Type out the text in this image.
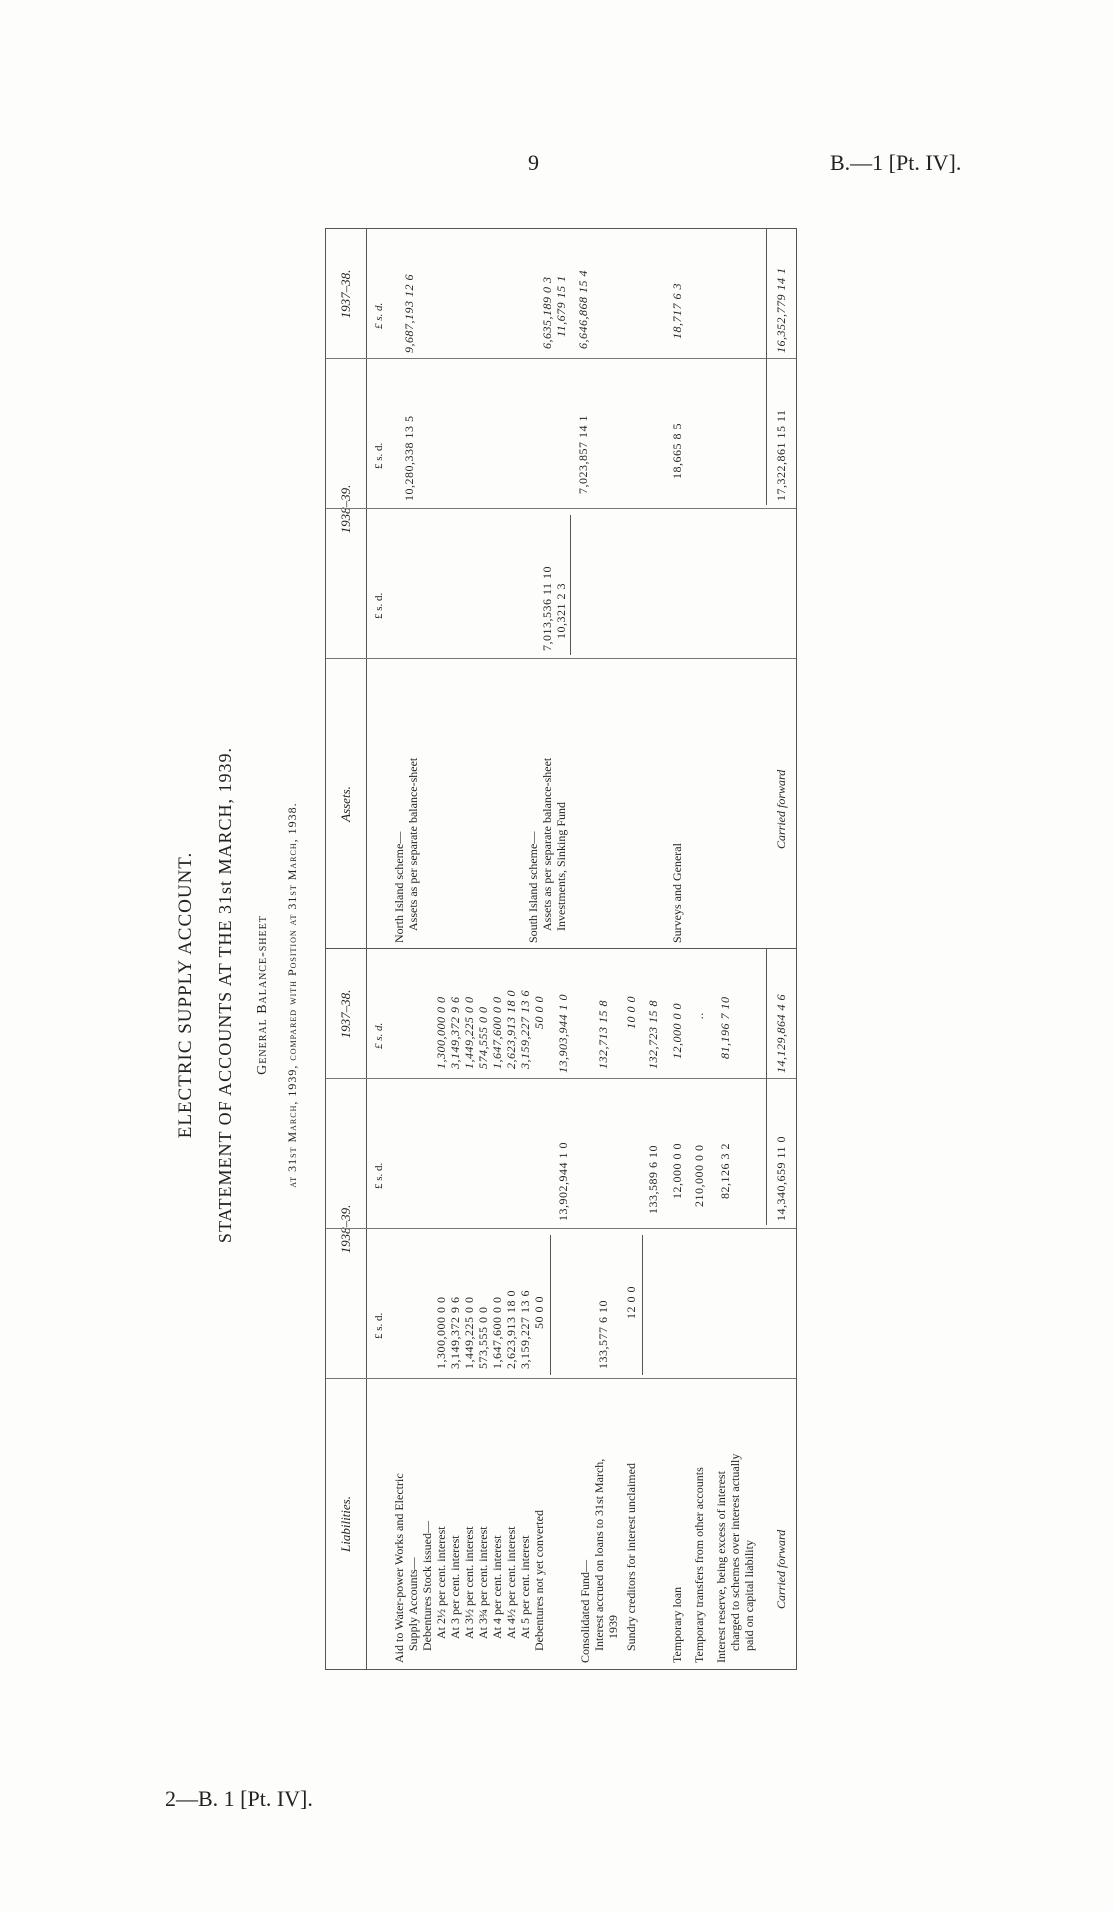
9	B.—1 [Pt. IV].
2—B. 1 [Pt. IV].
ELECTRIC SUPPLY ACCOUNT. STATEMENT OF ACCOUNTS AT THE 31st MARCH, 1939. General Balance-sheet at 31st March, 1939, compared with Position at 31st March, 1938.
Liabilities.
1938–39.
1937–38.
£ s. d.
£ s. d.
£ s. d.
Aid to Water-power Works and Electric Supply Accounts— Debentures Stock issued— At 2½ per cent. interest
1,300,000 0 0
1,300,000 0 0
At 3 per cent. interest
3,149,372 9 6
3,149,372 9 6
At 3½ per cent. interest
1,449,225 0 0
1,449,225 0 0
At 3¾ per cent. interest
573,555 0 0
574,555 0 0
At 4 per cent. interest
1,647,600 0 0
1,647,600 0 0
At 4½ per cent. interest
2,623,913 18 0
2,623,913 18 0
At 5 per cent. interest
3,159,227 13 6
3,159,227 13 6
Debentures not yet converted
50 0 0
50 0 0
13,902,944 1 0
13,903,944 1 0
Consolidated Fund— Interest accrued on loans to 31st March, 1939
133,577 6 10
132,713 15 8
Sundry creditors for interest unclaimed
12 0 0
10 0 0
133,589 6 10
132,723 15 8
Temporary loan
12,000 0 0
12,000 0 0
Temporary transfers from other accounts
210,000 0 0
..
Interest reserve, being excess of interest charged to schemes over interest actually paid on capital liability
82,126 3 2
81,196 7 10
Carried forward
14,340,659 11 0
14,129,864 4 6
Assets.
1938–39.
1937–38.
£ s. d.
£ s. d.
£ s. d.
North Island scheme— Assets as per separate balance-sheet
10,280,338 13 5
9,687,193 12 6
South Island scheme— Assets as per separate balance-sheet
7,013,536 11 10
6,635,189 0 3
Investments, Sinking Fund
10,321 2 3
11,679 15 1
7,023,857 14 1
6,646,868 15 4
Surveys and General
18,665 8 5
18,717 6 3
Carried forward
17,322,861 15 11
16,352,779 14 1
